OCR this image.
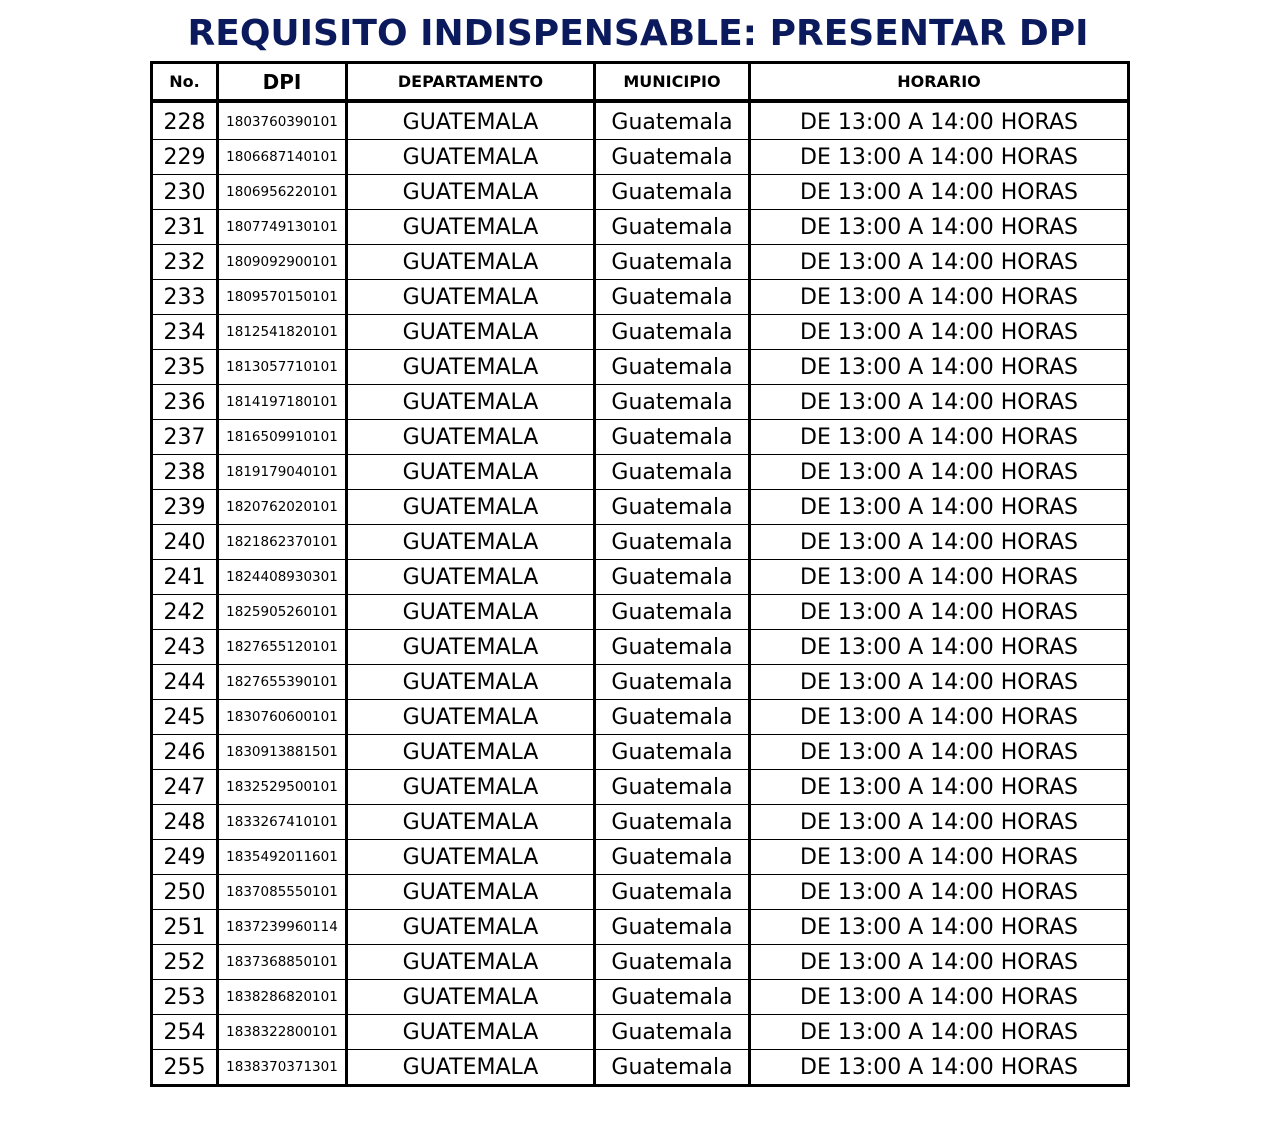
REQUISITO INDISPENSABLE: PRESENTAR DPI
No.	DPI	DEPARTAMENTO	MUNICIPIO	HORARIO
228	1803760390101	GUATEMALA	Guatemala	DE 13:00 A 14:00 HORAS
229	1806687140101	GUATEMALA	Guatemala	DE 13:00 A 14:00 HORAS
230	1806956220101	GUATEMALA	Guatemala	DE 13:00 A 14:00 HORAS
231	1807749130101	GUATEMALA	Guatemala	DE 13:00 A 14:00 HORAS
232	1809092900101	GUATEMALA	Guatemala	DE 13:00 A 14:00 HORAS
233	1809570150101	GUATEMALA	Guatemala	DE 13:00 A 14:00 HORAS
234	1812541820101	GUATEMALA	Guatemala	DE 13:00 A 14:00 HORAS
235	1813057710101	GUATEMALA	Guatemala	DE 13:00 A 14:00 HORAS
236	1814197180101	GUATEMALA	Guatemala	DE 13:00 A 14:00 HORAS
237	1816509910101	GUATEMALA	Guatemala	DE 13:00 A 14:00 HORAS
238	1819179040101	GUATEMALA	Guatemala	DE 13:00 A 14:00 HORAS
239	1820762020101	GUATEMALA	Guatemala	DE 13:00 A 14:00 HORAS
240	1821862370101	GUATEMALA	Guatemala	DE 13:00 A 14:00 HORAS
241	1824408930301	GUATEMALA	Guatemala	DE 13:00 A 14:00 HORAS
242	1825905260101	GUATEMALA	Guatemala	DE 13:00 A 14:00 HORAS
243	1827655120101	GUATEMALA	Guatemala	DE 13:00 A 14:00 HORAS
244	1827655390101	GUATEMALA	Guatemala	DE 13:00 A 14:00 HORAS
245	1830760600101	GUATEMALA	Guatemala	DE 13:00 A 14:00 HORAS
246	1830913881501	GUATEMALA	Guatemala	DE 13:00 A 14:00 HORAS
247	1832529500101	GUATEMALA	Guatemala	DE 13:00 A 14:00 HORAS
248	1833267410101	GUATEMALA	Guatemala	DE 13:00 A 14:00 HORAS
249	1835492011601	GUATEMALA	Guatemala	DE 13:00 A 14:00 HORAS
250	1837085550101	GUATEMALA	Guatemala	DE 13:00 A 14:00 HORAS
251	1837239960114	GUATEMALA	Guatemala	DE 13:00 A 14:00 HORAS
252	1837368850101	GUATEMALA	Guatemala	DE 13:00 A 14:00 HORAS
253	1838286820101	GUATEMALA	Guatemala	DE 13:00 A 14:00 HORAS
254	1838322800101	GUATEMALA	Guatemala	DE 13:00 A 14:00 HORAS
255	1838370371301	GUATEMALA	Guatemala	DE 13:00 A 14:00 HORAS
